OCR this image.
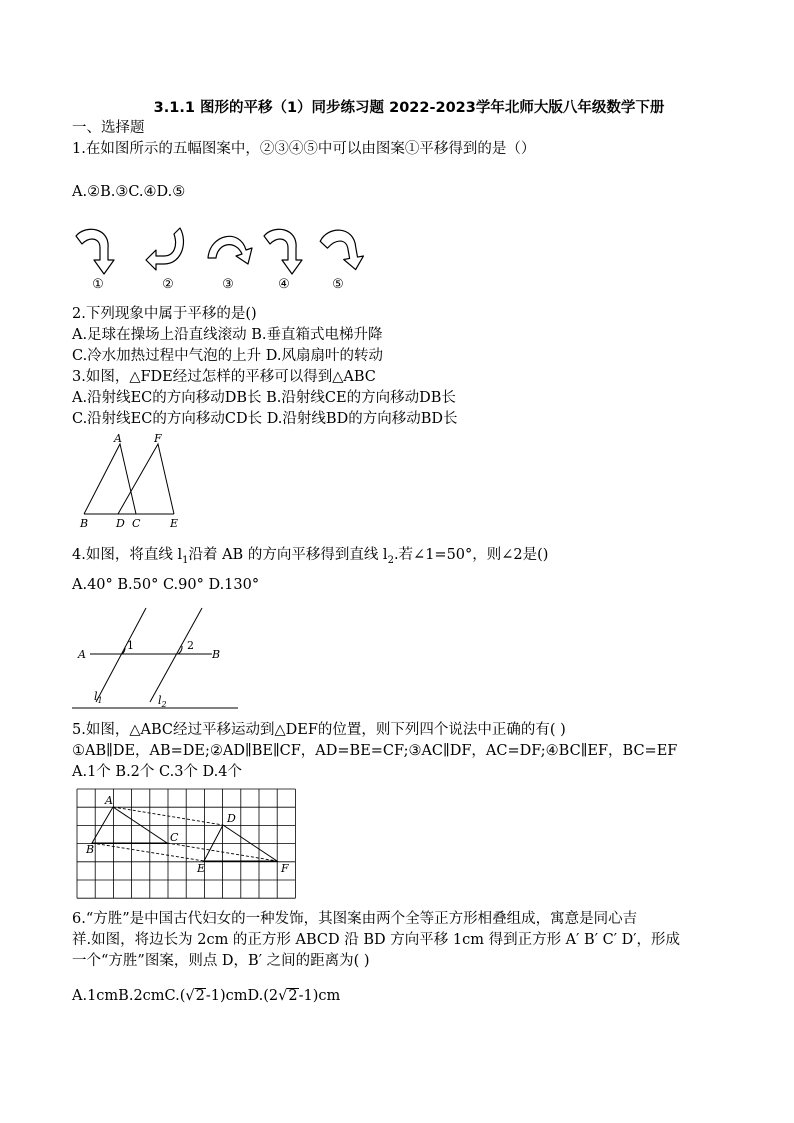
3.1.1 图形的平移（1）同步练习题 2022-2023学年北师大版八年级数学下册
一、选择题
1.在如图所示的五幅图案中，②③④⑤中可以由图案①平移得到的是（）
A.②B.③C.④D.⑤
①	②	③	④	⑤
2.下列现象中属于平移的是()
A.足球在操场上沿直线滚动 B.垂直箱式电梯升降
C.冷水加热过程中气泡的上升 D.风扇扇叶的转动
3.如图，△FDE经过怎样的平移可以得到△ABC
A.沿射线EC的方向移动DB长 B.沿射线CE的方向移动DB长
C.沿射线EC的方向移动CD长 D.沿射线BD的方向移动BD长
A	F
B	D C	E
4.如图，将直线 $l_1$沿着 AB 的方向平移得到直线 $l_2$.若∠1=50°，则∠2是()
A.40° B.50° C.90° D.130°
A	B
1	2
$l_1$	$l_2$
5.如图，△ABC经过平移运动到△DEF的位置，则下列四个说法中正确的有( )
①AB∥DE，AB=DE;②AD∥BE∥CF，AD=BE=CF;③AC∥DF，AC=DF;④BC∥EF，BC=EF
A.1个 B.2个 C.3个 D.4个
A
B
C
D
E	F
6.“方胜”是中国古代妇女的一种发饰，其图案由两个全等正方形相叠组成，寓意是同心吉
祥.如图，将边长为 2cm 的正方形 ABCD 沿 BD 方向平移 1cm 得到正方形 A′ B′ C′ D′，形成
一个“方胜”图案，则点 D，B′ 之间的距离为( )
A.1cmB.2cmC.(√2-1)cmD.(2√2-1)cm
